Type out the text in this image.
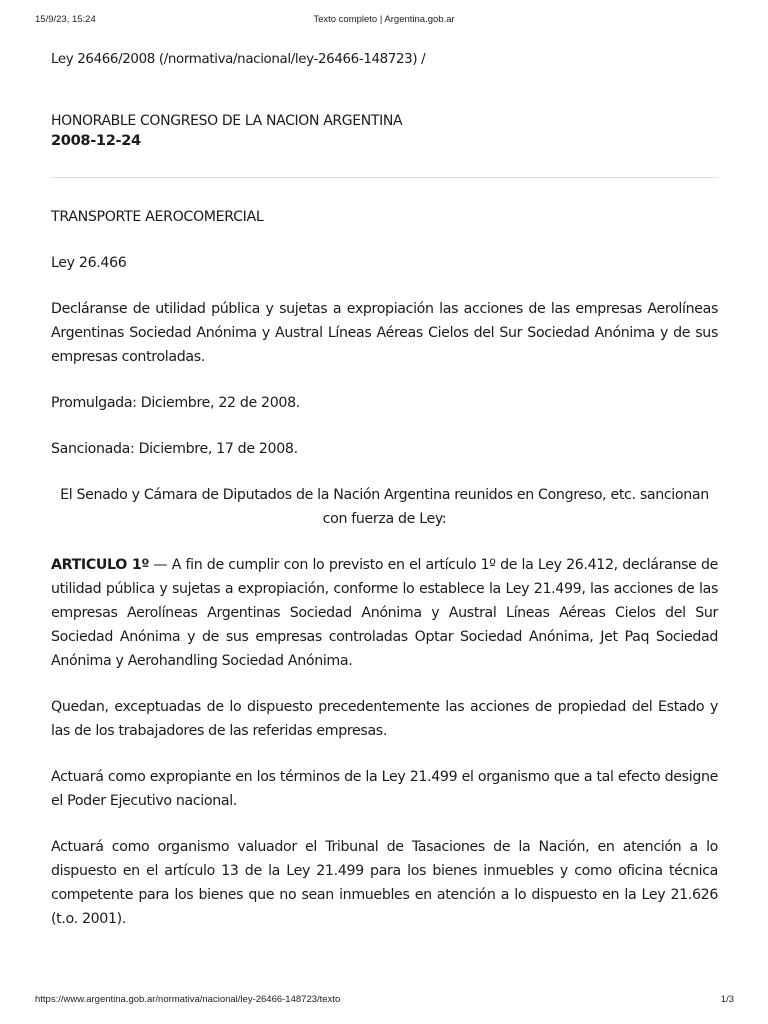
15/9/23, 15:24	Texto completo | Argentina.gob.ar

Ley 26466/2008 (/normativa/nacional/ley-26466-148723) /

HONORABLE CONGRESO DE LA NACION ARGENTINA

2008-12-24

TRANSPORTE AEROCOMERCIAL

Ley 26.466

Decláranse de utilidad pública y sujetas a expropiación las acciones de las empresas Aerolíneas Argentinas Sociedad Anónima y Austral Líneas Aéreas Cielos del Sur Sociedad Anónima y de sus empresas controladas.

Promulgada: Diciembre, 22 de 2008.

Sancionada: Diciembre, 17 de 2008.

El Senado y Cámara de Diputados de la Nación Argentina reunidos en Congreso, etc. sancionan con fuerza de Ley:

ARTICULO 1º — A fin de cumplir con lo previsto en el artículo 1º de la Ley 26.412, decláranse de utilidad pública y sujetas a expropiación, conforme lo establece la Ley 21.499, las acciones de las empresas Aerolíneas Argentinas Sociedad Anónima y Austral Líneas Aéreas Cielos del Sur Sociedad Anónima y de sus empresas controladas Optar Sociedad Anónima, Jet Paq Sociedad Anónima y Aerohandling Sociedad Anónima.

Quedan, exceptuadas de lo dispuesto precedentemente las acciones de propiedad del Estado y las de los trabajadores de las referidas empresas.

Actuará como expropiante en los términos de la Ley 21.499 el organismo que a tal efecto designe el Poder Ejecutivo nacional.

Actuará como organismo valuador el Tribunal de Tasaciones de la Nación, en atención a lo dispuesto en el artículo 13 de la Ley 21.499 para los bienes inmuebles y como oficina técnica competente para los bienes que no sean inmuebles en atención a lo dispuesto en la Ley 21.626 (t.o. 2001).

https://www.argentina.gob.ar/normativa/nacional/ley-26466-148723/texto	1/3
